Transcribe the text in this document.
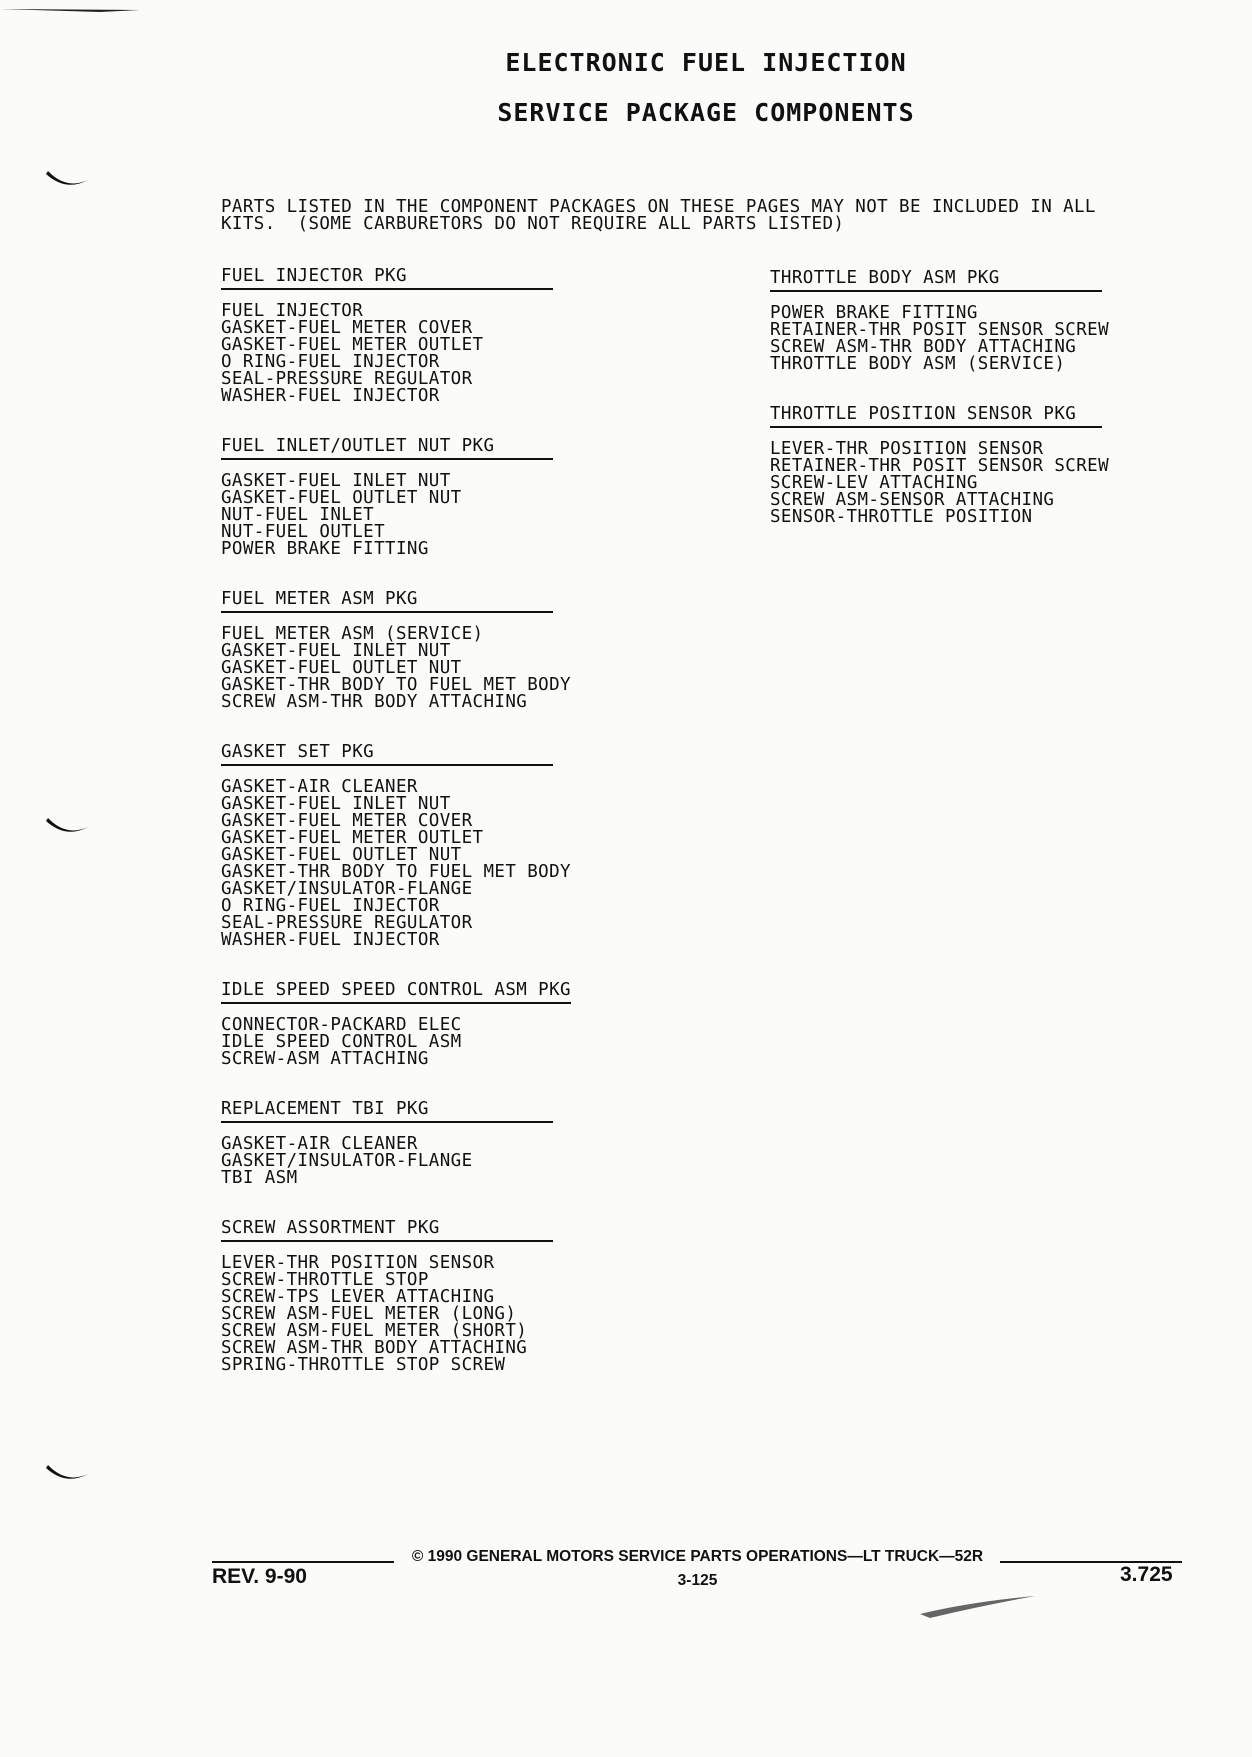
ELECTRONIC FUEL INJECTION
SERVICE PACKAGE COMPONENTS
PARTS LISTED IN THE COMPONENT PACKAGES ON THESE PAGES MAY NOT BE INCLUDED IN ALL
KITS.  (SOME CARBURETORS DO NOT REQUIRE ALL PARTS LISTED)
FUEL INJECTOR PKG
FUEL INJECTOR
GASKET-FUEL METER COVER
GASKET-FUEL METER OUTLET
O RING-FUEL INJECTOR
SEAL-PRESSURE REGULATOR
WASHER-FUEL INJECTOR
FUEL INLET/OUTLET NUT PKG
GASKET-FUEL INLET NUT
GASKET-FUEL OUTLET NUT
NUT-FUEL INLET
NUT-FUEL OUTLET
POWER BRAKE FITTING
FUEL METER ASM PKG
FUEL METER ASM (SERVICE)
GASKET-FUEL INLET NUT
GASKET-FUEL OUTLET NUT
GASKET-THR BODY TO FUEL MET BODY
SCREW ASM-THR BODY ATTACHING
GASKET SET PKG
GASKET-AIR CLEANER
GASKET-FUEL INLET NUT
GASKET-FUEL METER COVER
GASKET-FUEL METER OUTLET
GASKET-FUEL OUTLET NUT
GASKET-THR BODY TO FUEL MET BODY
GASKET/INSULATOR-FLANGE
O RING-FUEL INJECTOR
SEAL-PRESSURE REGULATOR
WASHER-FUEL INJECTOR
IDLE SPEED SPEED CONTROL ASM PKG
CONNECTOR-PACKARD ELEC
IDLE SPEED CONTROL ASM
SCREW-ASM ATTACHING
REPLACEMENT TBI PKG
GASKET-AIR CLEANER
GASKET/INSULATOR-FLANGE
TBI ASM
SCREW ASSORTMENT PKG
LEVER-THR POSITION SENSOR
SCREW-THROTTLE STOP
SCREW-TPS LEVER ATTACHING
SCREW ASM-FUEL METER (LONG)
SCREW ASM-FUEL METER (SHORT)
SCREW ASM-THR BODY ATTACHING
SPRING-THROTTLE STOP SCREW
THROTTLE BODY ASM PKG
POWER BRAKE FITTING
RETAINER-THR POSIT SENSOR SCREW
SCREW ASM-THR BODY ATTACHING
THROTTLE BODY ASM (SERVICE)
THROTTLE POSITION SENSOR PKG
LEVER-THR POSITION SENSOR
RETAINER-THR POSIT SENSOR SCREW
SCREW-LEV ATTACHING
SCREW ASM-SENSOR ATTACHING
SENSOR-THROTTLE POSITION
© 1990 GENERAL MOTORS SERVICE PARTS OPERATIONS—LT TRUCK—52R
3-125
REV. 9-90	3.725
